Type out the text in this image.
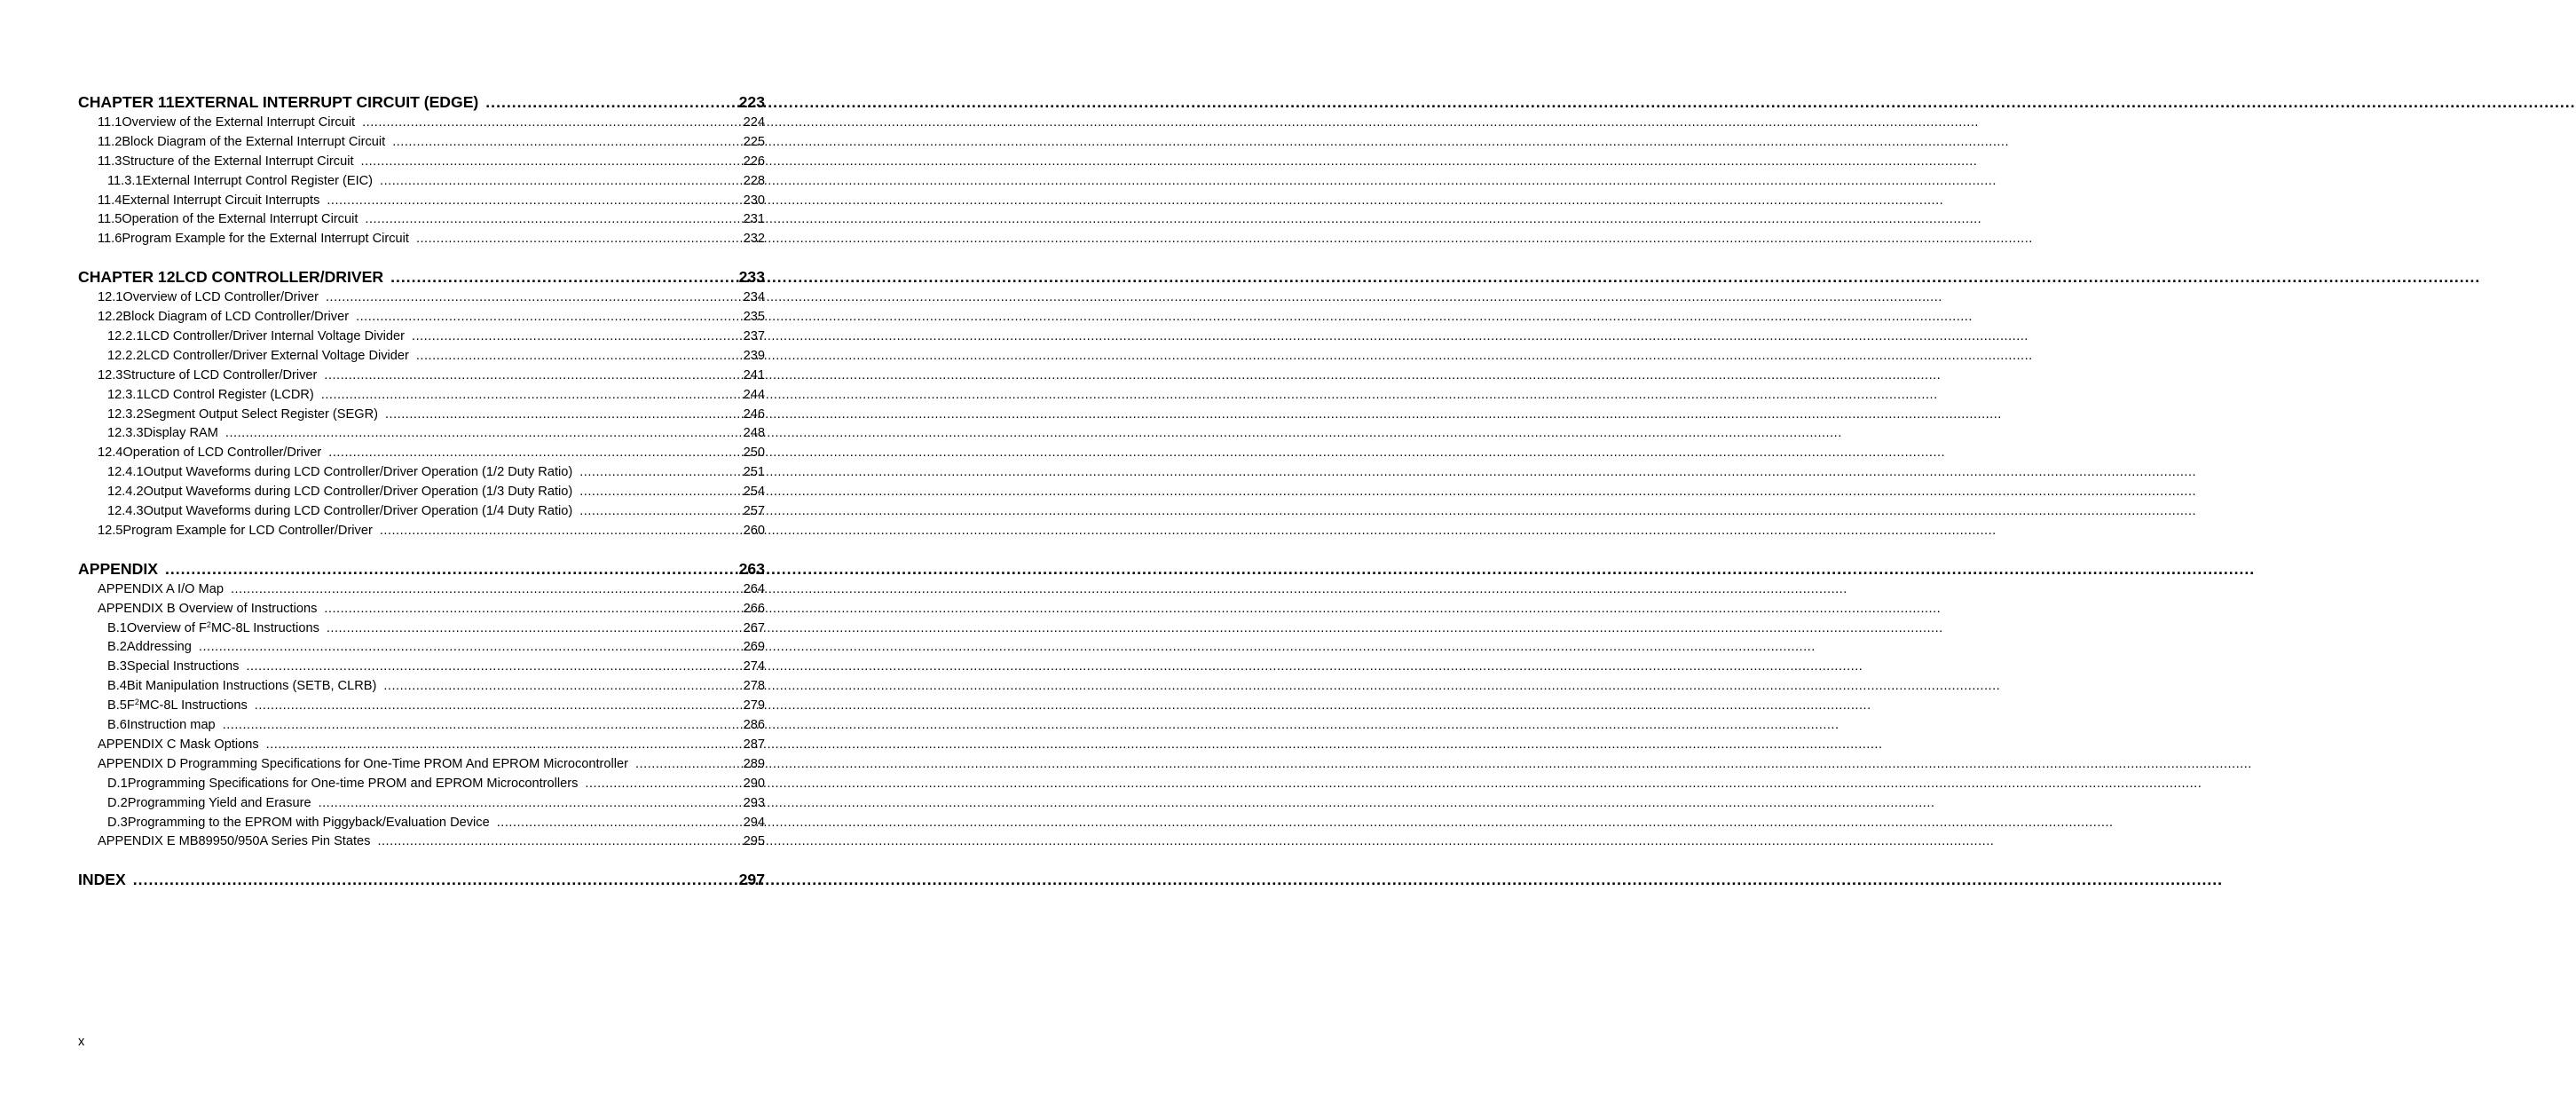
CHAPTER 11 EXTERNAL INTERRUPT CIRCUIT (EDGE) .....	223
11.1 Overview of the External Interrupt Circuit .....	224
11.2 Block Diagram of the External Interrupt Circuit .....	225
11.3 Structure of the External Interrupt Circuit .....	226
11.3.1 External Interrupt Control Register (EIC) .....	228
11.4 External Interrupt Circuit Interrupts .....	230
11.5 Operation of the External Interrupt Circuit .....	231
11.6 Program Example for the External Interrupt Circuit .....	232
CHAPTER 12 LCD CONTROLLER/DRIVER .....	233
12.1 Overview of LCD Controller/Driver .....	234
12.2 Block Diagram of LCD Controller/Driver .....	235
12.2.1 LCD Controller/Driver Internal Voltage Divider .....	237
12.2.2 LCD Controller/Driver External Voltage Divider .....	239
12.3 Structure of LCD Controller/Driver .....	241
12.3.1 LCD Control Register (LCDR) .....	244
12.3.2 Segment Output Select Register (SEGR) .....	246
12.3.3 Display RAM .....	248
12.4 Operation of LCD Controller/Driver .....	250
12.4.1 Output Waveforms during LCD Controller/Driver Operation (1/2 Duty Ratio) .....	251
12.4.2 Output Waveforms during LCD Controller/Driver Operation (1/3 Duty Ratio) .....	254
12.4.3 Output Waveforms during LCD Controller/Driver Operation (1/4 Duty Ratio) .....	257
12.5 Program Example for LCD Controller/Driver .....	260
APPENDIX .....	263
APPENDIX A I/O Map .....	264
APPENDIX B Overview of Instructions .....	266
B.1 Overview of $F^2MC-8L$ Instructions .....	267
B.2 Addressing .....	269
B.3 Special Instructions .....	274
B.4 Bit Manipulation Instructions (SETB, CLRB) .....	278
B.5 $F^2MC-8L$ Instructions .....	279
B.6 Instruction map .....	286
APPENDIX C Mask Options .....	287
APPENDIX D Programming Specifications for One-Time PROM And EPROM Microcontroller .....	289
D.1 Programming Specifications for One-time PROM and EPROM Microcontrollers .....	290
D.2 Programming Yield and Erasure .....	293
D.3 Programming to the EPROM with Piggyback/Evaluation Device .....	294
APPENDIX E MB89950/950A Series Pin States .....	295
INDEX .....	297
x
